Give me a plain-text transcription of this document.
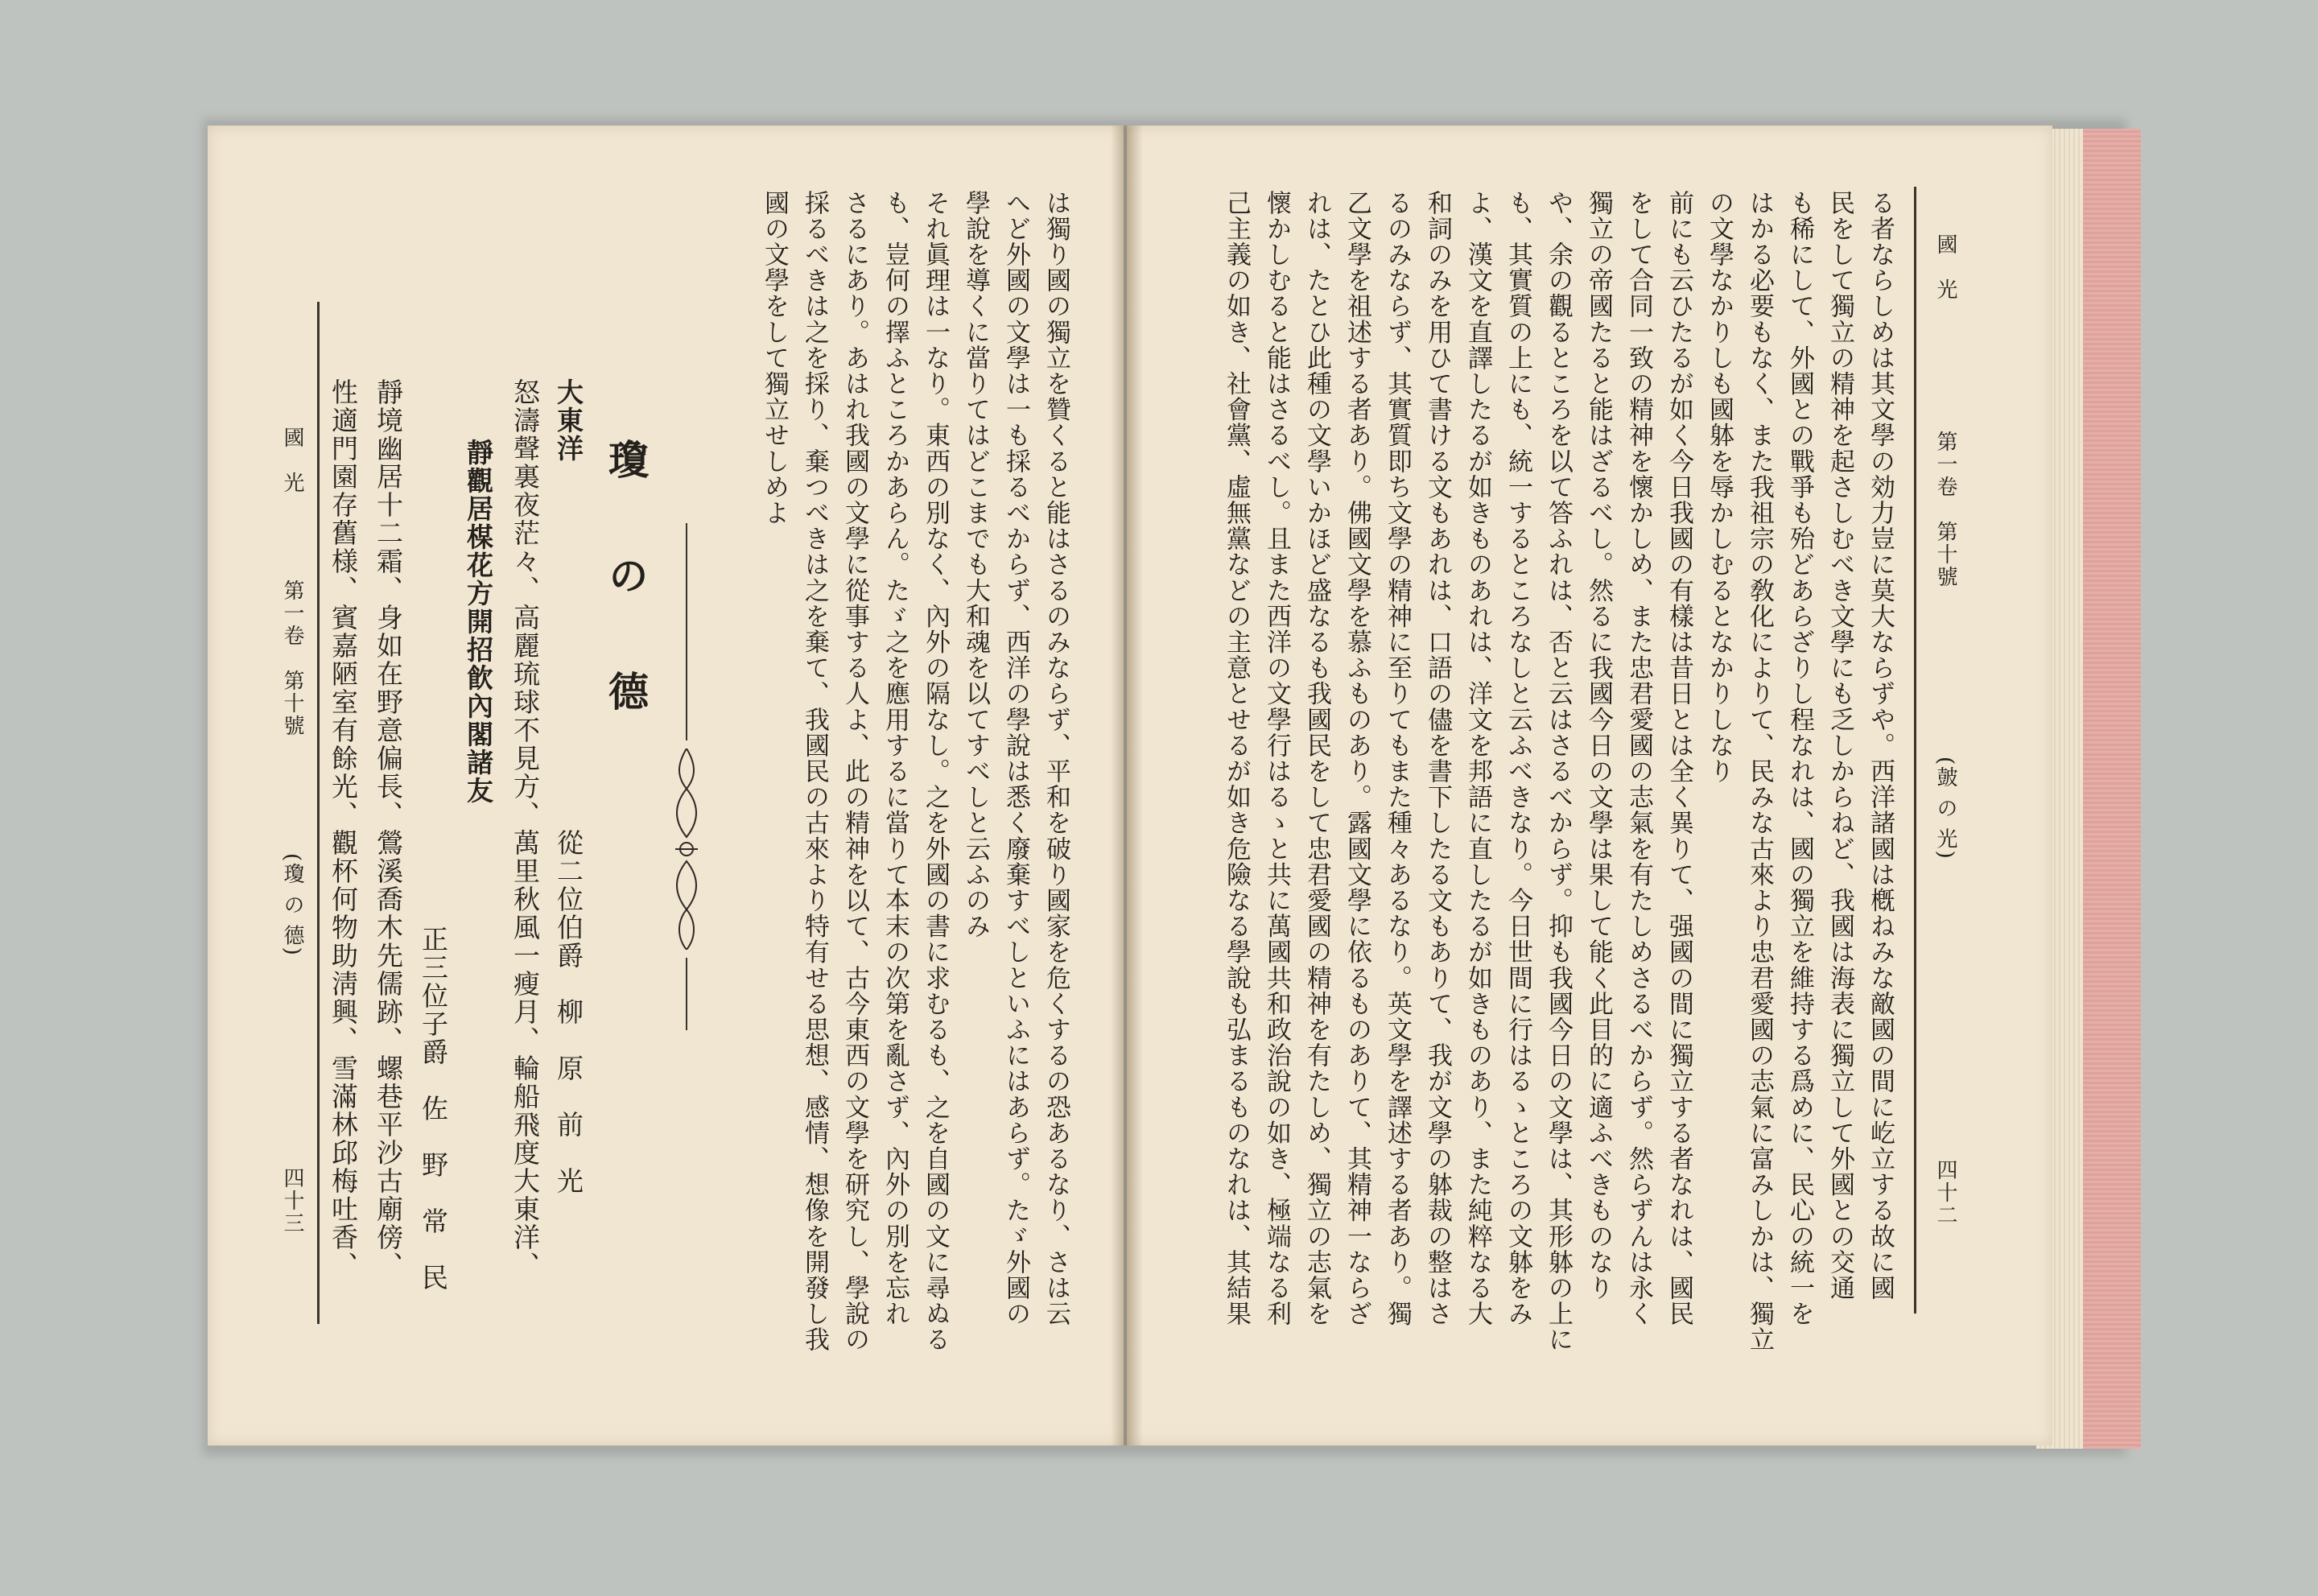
國　光
第一卷　第十號
(皷 の 光)
四十二
る者ならしめは其文學の効力豈に莫大ならずや。西洋諸國は槪ねみな敵國の間に屹立する故に國
民をして獨立の精神を起さしむべき文學にも乏しからねど、我國は海表に獨立して外國との交通
も稀にして、外國との戰爭も殆どあらざりし程なれは、國の獨立を維持する爲めに、民心の統一を
はかる必要もなく、また我祖宗の敎化によりて、民みな古來より忠君愛國の志氣に富みしかは、獨立
の文學なかりしも國躰を辱かしむるとなかりしなり
前にも云ひたるが如く今日我國の有樣は昔日とは全く異りて、强國の間に獨立する者なれは、國民
をして合同一致の精神を懷かしめ、また忠君愛國の志氣を有たしめさるべからず。然らずんは永く
獨立の帝國たると能はざるべし。然るに我國今日の文學は果して能く此目的に適ふべきものなり
や、余の觀るところを以て答ふれは、否と云はさるべからず。抑も我國今日の文學は、其形躰の上に
も、其實質の上にも、統一するところなしと云ふべきなり。今日世間に行はるゝところの文躰をみ
よ、漢文を直譯したるが如きものあれは、洋文を邦語に直したるが如きものあり、また純粹なる大
和詞のみを用ひて書ける文もあれは、口語の儘を書下したる文もありて、我が文學の躰裁の整はさ
るのみならず、其實質即ち文學の精神に至りてもまた種々あるなり。英文學を譯述する者あり。獨
乙文學を祖述する者あり。佛國文學を慕ふものあり。露國文學に依るものありて、其精神一ならざ
れは、たとひ此種の文學いかほど盛なるも我國民をして忠君愛國の精神を有たしめ、獨立の志氣を
懷かしむると能はさるべし。且また西洋の文學行はるゝと共に萬國共和政治說の如き、極端なる利
己主義の如き、社會黨、虛無黨などの主意とせるが如き危險なる學說も弘まるものなれは、其結果
は獨り國の獨立を贊くると能はさるのみならず、平和を破り國家を危くするの恐あるなり、さは云
へど外國の文學は一も採るべからず、西洋の學說は悉く廢棄すべしといふにはあらず。たゞ外國の
學說を導くに當りてはどこまでも大和魂を以てすべしと云ふのみ
それ眞理は一なり。東西の別なく、內外の隔なし。之を外國の書に求むるも、之を自國の文に尋ぬる
も、豈何の擇ふところかあらん。たゞ之を應用するに當りて本末の次第を亂さず、內外の別を忘れ
さるにあり。あはれ我國の文學に從事する人よ、此の精神を以て、古今東西の文學を研究し、學說の
採るべきは之を採り、棄つべきは之を棄て、我國民の古來より特有せる思想、感情、想像を開發し我
國の文學をして獨立せしめよ
瓊　の　德
大東洋
從二位伯爵　柳　原　前　光
怒濤聲裏夜茫々、高麗琉球不見方、萬里秋風一瘦月、輪船飛度大東洋、
靜觀居楳花方開招飮內閣諸友
正三位子爵　佐　野　常　民
靜境幽居十二霜、身如在野意偏長、鶯溪喬木先儒跡、螺巷平沙古廟傍、
性適門園存舊様、賓嘉陋室有餘光、觀杯何物助淸興、雪滿林邱梅吐香、
國　光
第一卷　第十號
(瓊 の 德)
四十三
